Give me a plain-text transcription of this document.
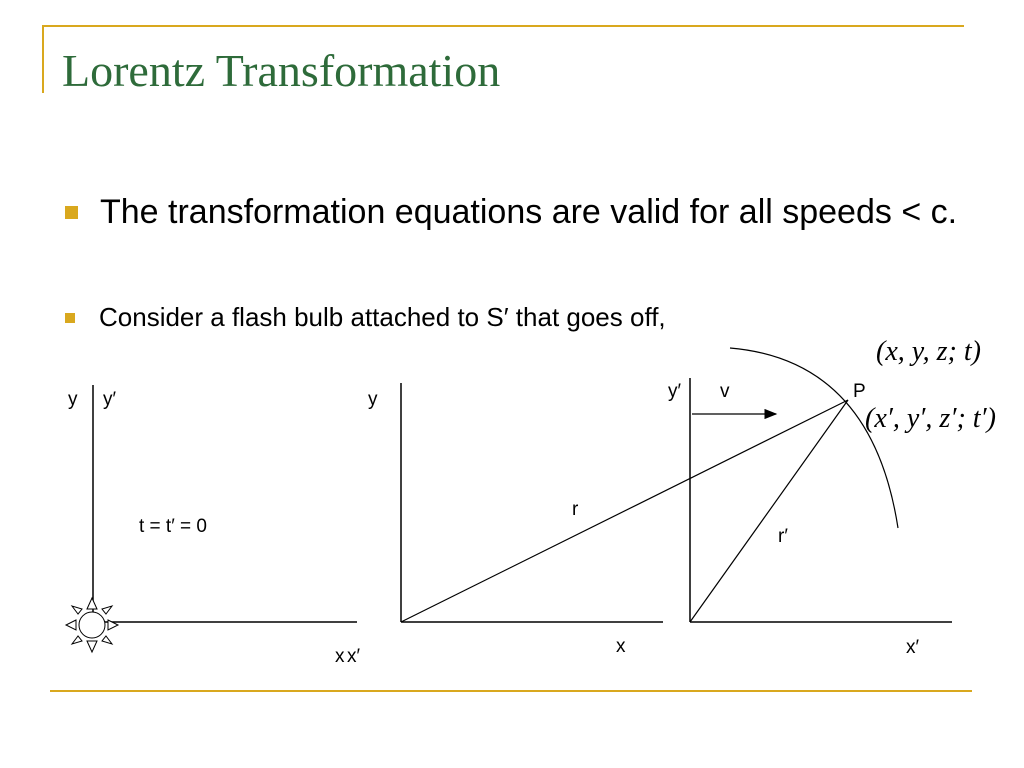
Lorentz Transformation
The transformation equations are valid for all speeds < c.
Consider a flash bulb attached to S′ that goes off,
y y′
x x′
t = t′ = 0
y
x
r
y′
x′
v
r′
P
(x, y, z; t)
(x′, y′, z′; t′)
